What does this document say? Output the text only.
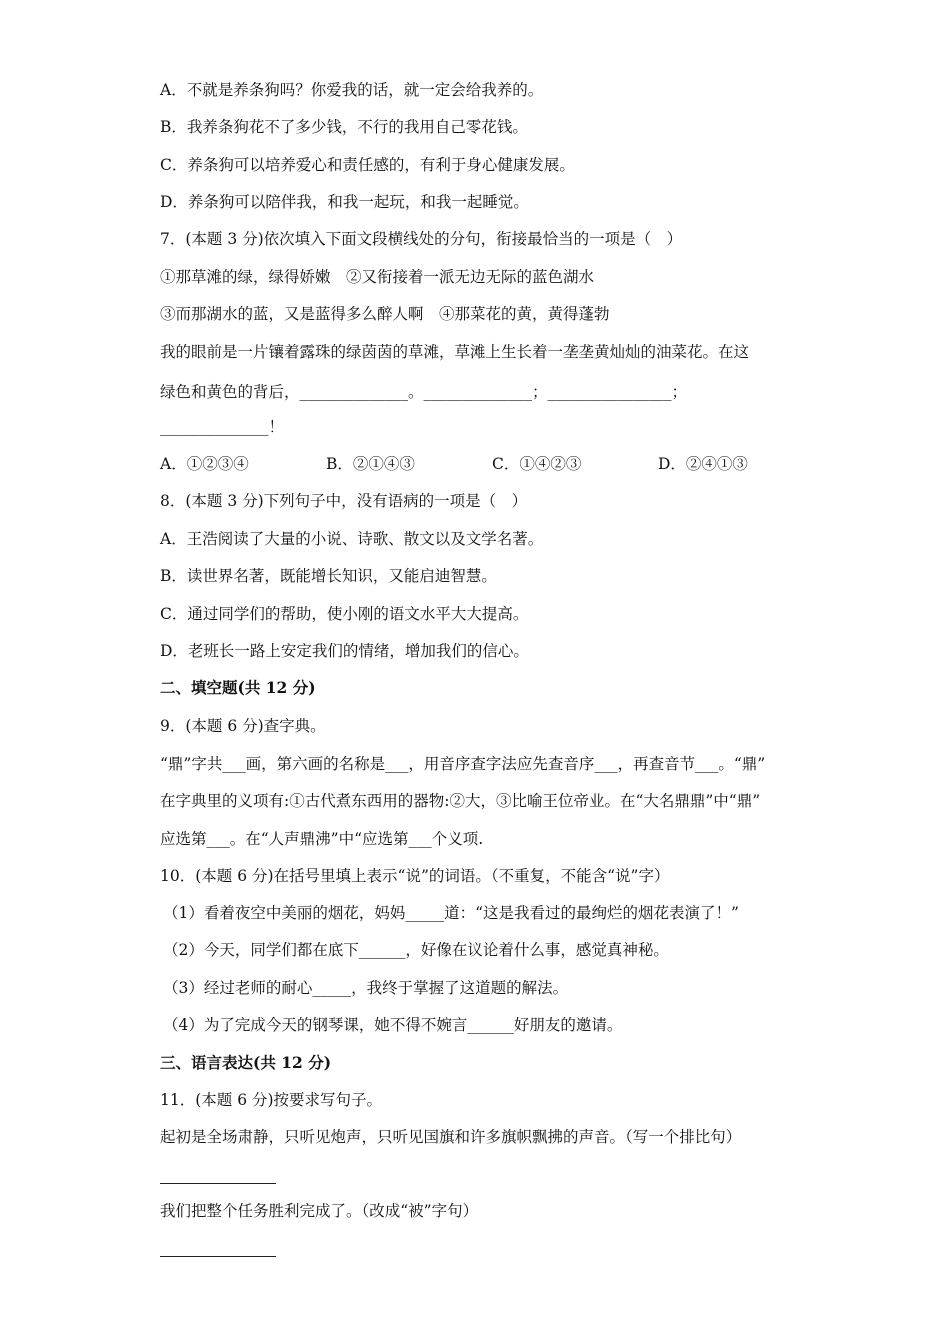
A．不就是养条狗吗？你爱我的话，就一定会给我养的。
B．我养条狗花不了多少钱，不行的我用自己零花钱。
C．养条狗可以培养爱心和责任感的，有利于身心健康发展。
D．养条狗可以陪伴我，和我一起玩，和我一起睡觉。
7．(本题 3 分)依次填入下面文段横线处的分句，衔接最恰当的一项是（　）
①那草滩的绿，绿得娇嫩　②又衔接着一派无边无际的蓝色湖水
③而那湖水的蓝，又是蓝得多么醉人啊　④那菜花的黄，黄得蓬勃
我的眼前是一片镶着露珠的绿茵茵的草滩，草滩上生长着一垄垄黄灿灿的油菜花。在这
绿色和黄色的背后，______________。______________；________________；
______________！
A．①②③④	B．②①④③	C．①④②③	D．②④①③
8．(本题 3 分)下列句子中，没有语病的一项是（　）
A．王浩阅读了大量的小说、诗歌、散文以及文学名著。
B．读世界名著，既能增长知识，又能启迪智慧。
C．通过同学们的帮助，使小刚的语文水平大大提高。
D．老班长一路上安定我们的情绪，增加我们的信心。
二、填空题(共 12 分)
9．(本题 6 分)查字典。
“鼎”字共___画，第六画的名称是___，用音序查字法应先查音序___，再查音节___。“鼎”
在字典里的义项有:①古代煮东西用的器物:②大，③比喻王位帝业。在“大名鼎鼎”中“鼎”
应选第___。在“人声鼎沸”中“应选第___个义项.
10．(本题 6 分)在括号里填上表示“说”的词语。（不重复，不能含“说”字）
（1）看着夜空中美丽的烟花，妈妈_____道：“这是我看过的最绚烂的烟花表演了！”
（2）今天，同学们都在底下______，好像在议论着什么事，感觉真神秘。
（3）经过老师的耐心_____，我终于掌握了这道题的解法。
（4）为了完成今天的钢琴课，她不得不婉言______好朋友的邀请。
三、语言表达(共 12 分)
11．(本题 6 分)按要求写句子。
起初是全场肃静，只听见炮声，只听见国旗和许多旗帜飘拂的声音。（写一个排比句）
我们把整个任务胜利完成了。（改成“被”字句）
